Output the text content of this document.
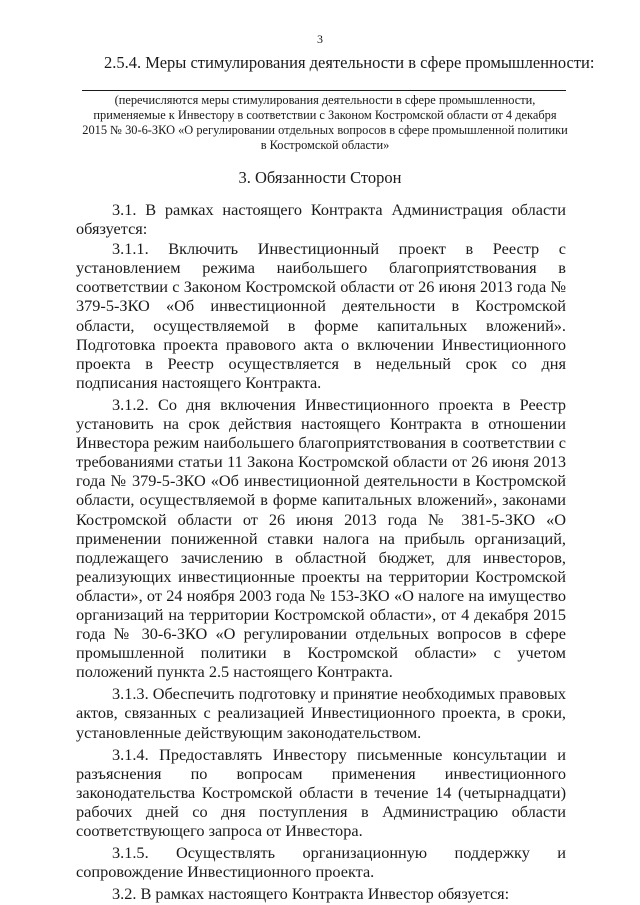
3
2.5.4. Меры стимулирования деятельности в сфере промышленности:
(перечисляются меры стимулирования деятельности в сфере промышленности, применяемые к Инвестору в соответствии с Законом Костромской области от 4 декабря 2015 № 30-6-ЗКО «О регулировании отдельных вопросов в сфере промышленной политики в Костромской области»
3. Обязанности Сторон

3.1. В рамках настоящего Контракта Администрация области обязуется:

3.1.1. Включить Инвестиционный проект в Реестр с установлением режима наибольшего благоприятствования в соответствии с Законом Костромской области от 26 июня 2013 года № 379-5-ЗКО «Об инвестиционной деятельности в Костромской области, осуществляемой в форме капитальных вложений». Подготовка проекта правового акта о включении Инвестиционного проекта в Реестр осуществляется в недельный срок со дня подписания настоящего Контракта.

3.1.2. Со дня включения Инвестиционного проекта в Реестр установить на срок действия настоящего Контракта в отношении Инвестора режим наибольшего благоприятствования в соответствии с требованиями статьи 11 Закона Костромской области от 26 июня 2013 года № 379-5-ЗКО «Об инвестиционной деятельности в Костромской области, осуществляемой в форме капитальных вложений», законами Костромской области от 26 июня 2013 года № 381-5-ЗКО «О применении пониженной ставки налога на прибыль организаций, подлежащего зачислению в областной бюджет, для инвесторов, реализующих инвестиционные проекты на территории Костромской области», от 24 ноября 2003 года № 153-ЗКО «О налоге на имущество организаций на территории Костромской области», от 4 декабря 2015 года № 30-6-ЗКО «О регулировании отдельных вопросов в сфере промышленной политики в Костромской области» с учетом положений пункта 2.5 настоящего Контракта.

3.1.3. Обеспечить подготовку и принятие необходимых правовых актов, связанных с реализацией Инвестиционного проекта, в сроки, установленные действующим законодательством.

3.1.4. Предоставлять Инвестору письменные консультации и разъяснения по вопросам применения инвестиционного законодательства Костромской области в течение 14 (четырнадцати) рабочих дней со дня поступления в Администрацию области соответствующего запроса от Инвестора.

3.1.5. Осуществлять организационную поддержку и сопровождение Инвестиционного проекта.

3.2. В рамках настоящего Контракта Инвестор обязуется:
